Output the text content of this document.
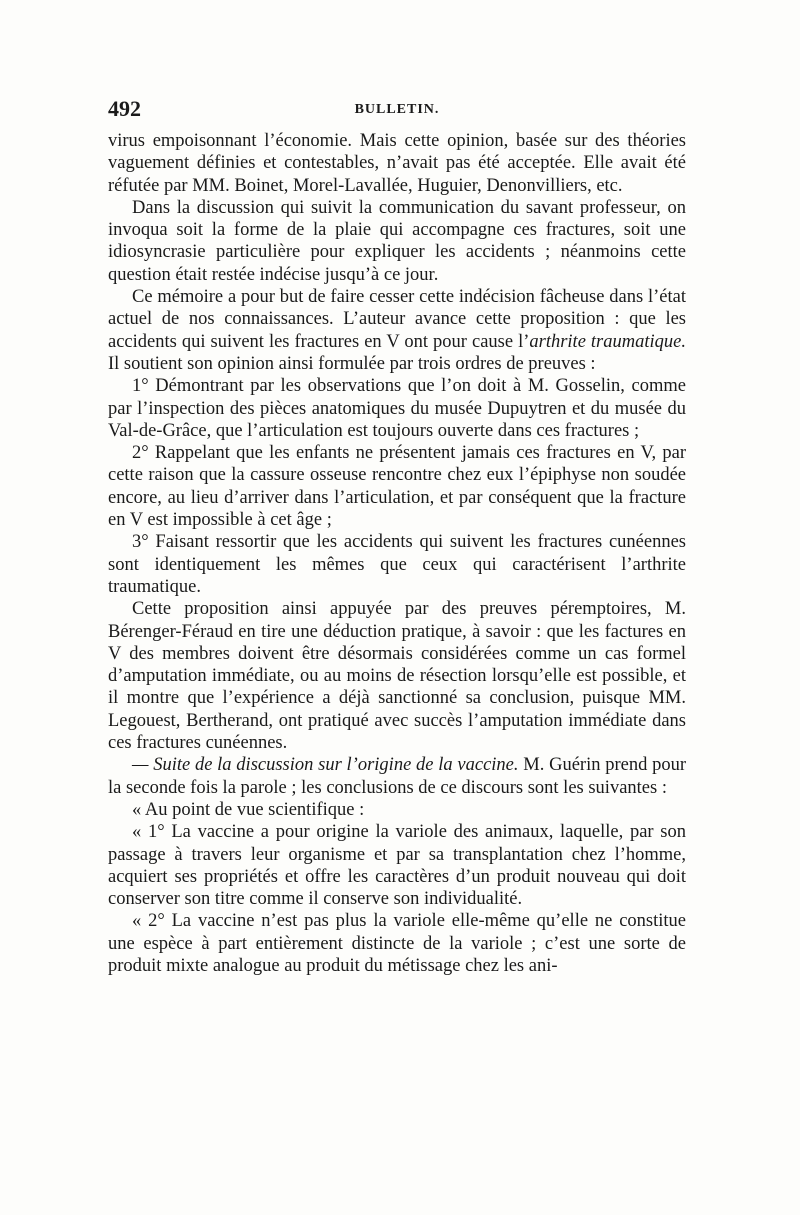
492	BULLETIN.

virus empoisonnant l’économie. Mais cette opinion, basée sur des théories vaguement définies et contestables, n’avait pas été acceptée. Elle avait été réfutée par MM. Boinet, Morel-Lavallée, Huguier, Denonvilliers, etc.

Dans la discussion qui suivit la communication du savant professeur, on invoqua soit la forme de la plaie qui accompagne ces fractures, soit une idiosyncrasie particulière pour expliquer les accidents ; néanmoins cette question était restée indécise jusqu’à ce jour.

Ce mémoire a pour but de faire cesser cette indécision fâcheuse dans l’état actuel de nos connaissances. L’auteur avance cette proposition : que les accidents qui suivent les fractures en V ont pour cause l’arthrite traumatique. Il soutient son opinion ainsi formulée par trois ordres de preuves :

1° Démontrant par les observations que l’on doit à M. Gosselin, comme par l’inspection des pièces anatomiques du musée Dupuytren et du musée du Val-de-Grâce, que l’articulation est toujours ouverte dans ces fractures ;

2° Rappelant que les enfants ne présentent jamais ces fractures en V, par cette raison que la cassure osseuse rencontre chez eux l’épiphyse non soudée encore, au lieu d’arriver dans l’articulation, et par conséquent que la fracture en V est impossible à cet âge ;

3° Faisant ressortir que les accidents qui suivent les fractures cunéennes sont identiquement les mêmes que ceux qui caractérisent l’arthrite traumatique.

Cette proposition ainsi appuyée par des preuves péremptoires, M. Bérenger-Féraud en tire une déduction pratique, à savoir : que les factures en V des membres doivent être désormais considérées comme un cas formel d’amputation immédiate, ou au moins de résection lorsqu’elle est possible, et il montre que l’expérience a déjà sanctionné sa conclusion, puisque MM. Legouest, Bertherand, ont pratiqué avec succès l’amputation immédiate dans ces fractures cunéennes.

— Suite de la discussion sur l’origine de la vaccine. M. Guérin prend pour la seconde fois la parole ; les conclusions de ce discours sont les suivantes :

« Au point de vue scientifique :

« 1° La vaccine a pour origine la variole des animaux, laquelle, par son passage à travers leur organisme et par sa transplantation chez l’homme, acquiert ses propriétés et offre les caractères d’un produit nouveau qui doit conserver son titre comme il conserve son individualité.

« 2° La vaccine n’est pas plus la variole elle-même qu’elle ne constitue une espèce à part entièrement distincte de la variole ; c’est une sorte de produit mixte analogue au produit du métissage chez les ani-
